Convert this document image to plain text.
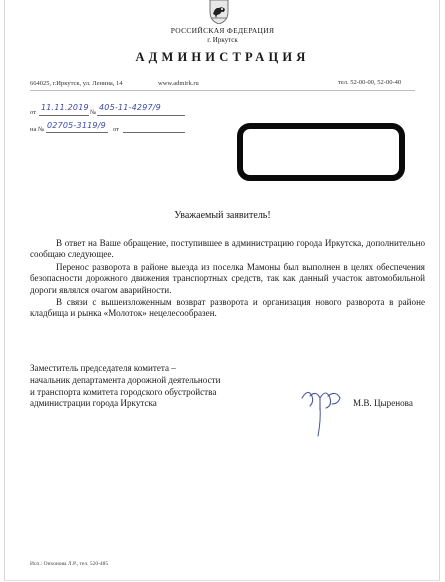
РОССИЙСКАЯ ФЕДЕРАЦИЯ
г. Иркутск
АДМИНИСТРАЦИЯ
664025, г.Иркутск, ул. Ленина, 14	www.admirk.ru	тел. 52-00-00, 52-00-40
от
11.11.2019
№
405-11-4297/9
на № 02705-3119/9 от
Уважаемый заявитель!
В ответ на Ваше обращение, поступившее в администрацию города Иркутска, дополнительно сообщаю следующее.
Перенос разворота в районе выезда из поселка Мамоны был выполнен в целях обеспечения безопасности дорожного движения транспортных средств, так как данный участок автомобильной дороги являлся очагом аварийности.
В связи с вышеизложенным возврат разворота и организация нового разворота в районе кладбища и рынка «Молоток» нецелесообразен.
Заместитель председателя комитета –
начальник департамента дорожной деятельности
и транспорта комитета городского обустройства
администрации города Иркутска	М.В. Цыренова
Исп.: Онхонова Л.Р., тел. 520-485
